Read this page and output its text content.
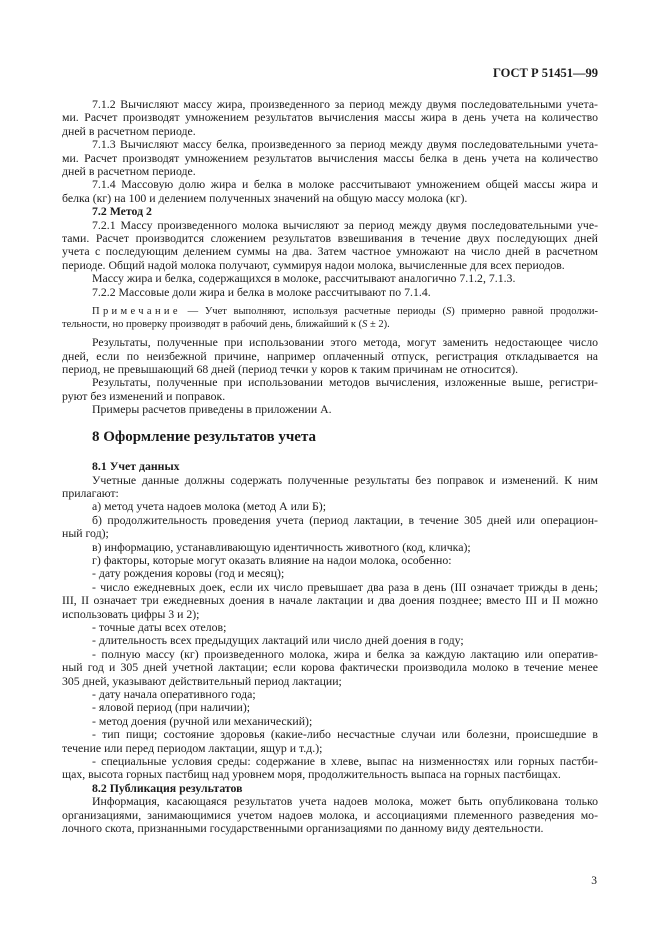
ГОСТ Р 51451—99
7.1.2 Вычисляют массу жира, произведенного за период между двумя последовательными учета-
ми. Расчет производят умножением результатов вычисления массы жира в день учета на количество
дней в расчетном периоде.
7.1.3 Вычисляют массу белка, произведенного за период между двумя последовательными учета-
ми. Расчет производят умножением результатов вычисления массы белка в день учета на количество
дней в расчетном периоде.
7.1.4 Массовую долю жира и белка в молоке рассчитывают умножением общей массы жира и
белка (кг) на 100 и делением полученных значений на общую массу молока (кг).
7.2 Метод 2
7.2.1 Массу произведенного молока вычисляют за период между двумя последовательными уче-
тами. Расчет производится сложением результатов взвешивания в течение двух последующих дней
учета с последующим делением суммы на два. Затем частное умножают на число дней в расчетном
периоде. Общий надой молока получают, суммируя надои молока, вычисленные для всех периодов.
Массу жира и белка, содержащихся в молоке, рассчитывают аналогично 7.1.2, 7.1.3.
7.2.2 Массовые доли жира и белка в молоке рассчитывают по 7.1.4.
Примечание — Учет выполняют, используя расчетные периоды (S) примерно равной продолжи-
тельности, но проверку производят в рабочий день, ближайший к (S ± 2).
Результаты, полученные при использовании этого метода, могут заменить недостающее число
дней, если по неизбежной причине, например оплаченный отпуск, регистрация откладывается на
период, не превышающий 68 дней (период течки у коров к таким причинам не относится).
Результаты, полученные при использовании методов вычисления, изложенные выше, регистри-
руют без изменений и поправок.
Примеры расчетов приведены в приложении А.
8 Оформление результатов учета
8.1 Учет данных
Учетные данные должны содержать полученные результаты без поправок и изменений. К ним
прилагают:
а) метод учета надоев молока (метод А или Б);
б) продолжительность проведения учета (период лактации, в течение 305 дней или операцион-
ный год);
в) информацию, устанавливающую идентичность животного (код, кличка);
г) факторы, которые могут оказать влияние на надои молока, особенно:
- дату рождения коровы (год и месяц);
- число ежедневных доек, если их число превышает два раза в день (III означает трижды в день;
III, II означает три ежедневных доения в начале лактации и два доения позднее; вместо III и II можно
использовать цифры 3 и 2);
- точные даты всех отелов;
- длительность всех предыдущих лактаций или число дней доения в году;
- полную массу (кг) произведенного молока, жира и белка за каждую лактацию или оператив-
ный год и 305 дней учетной лактации; если корова фактически производила молоко в течение менее
305 дней, указывают действительный период лактации;
- дату начала оперативного года;
- яловой период (при наличии);
- метод доения (ручной или механический);
- тип пищи; состояние здоровья (какие-либо несчастные случаи или болезни, происшедшие в
течение или перед периодом лактации, ящур и т.д.);
- специальные условия среды: содержание в хлеве, выпас на низменностях или горных пастби-
щах, высота горных пастбищ над уровнем моря, продолжительность выпаса на горных пастбищах.
8.2 Публикация результатов
Информация, касающаяся результатов учета надоев молока, может быть опубликована только
организациями, занимающимися учетом надоев молока, и ассоциациями племенного разведения мо-
лочного скота, признанными государственными организациями по данному виду деятельности.
3
